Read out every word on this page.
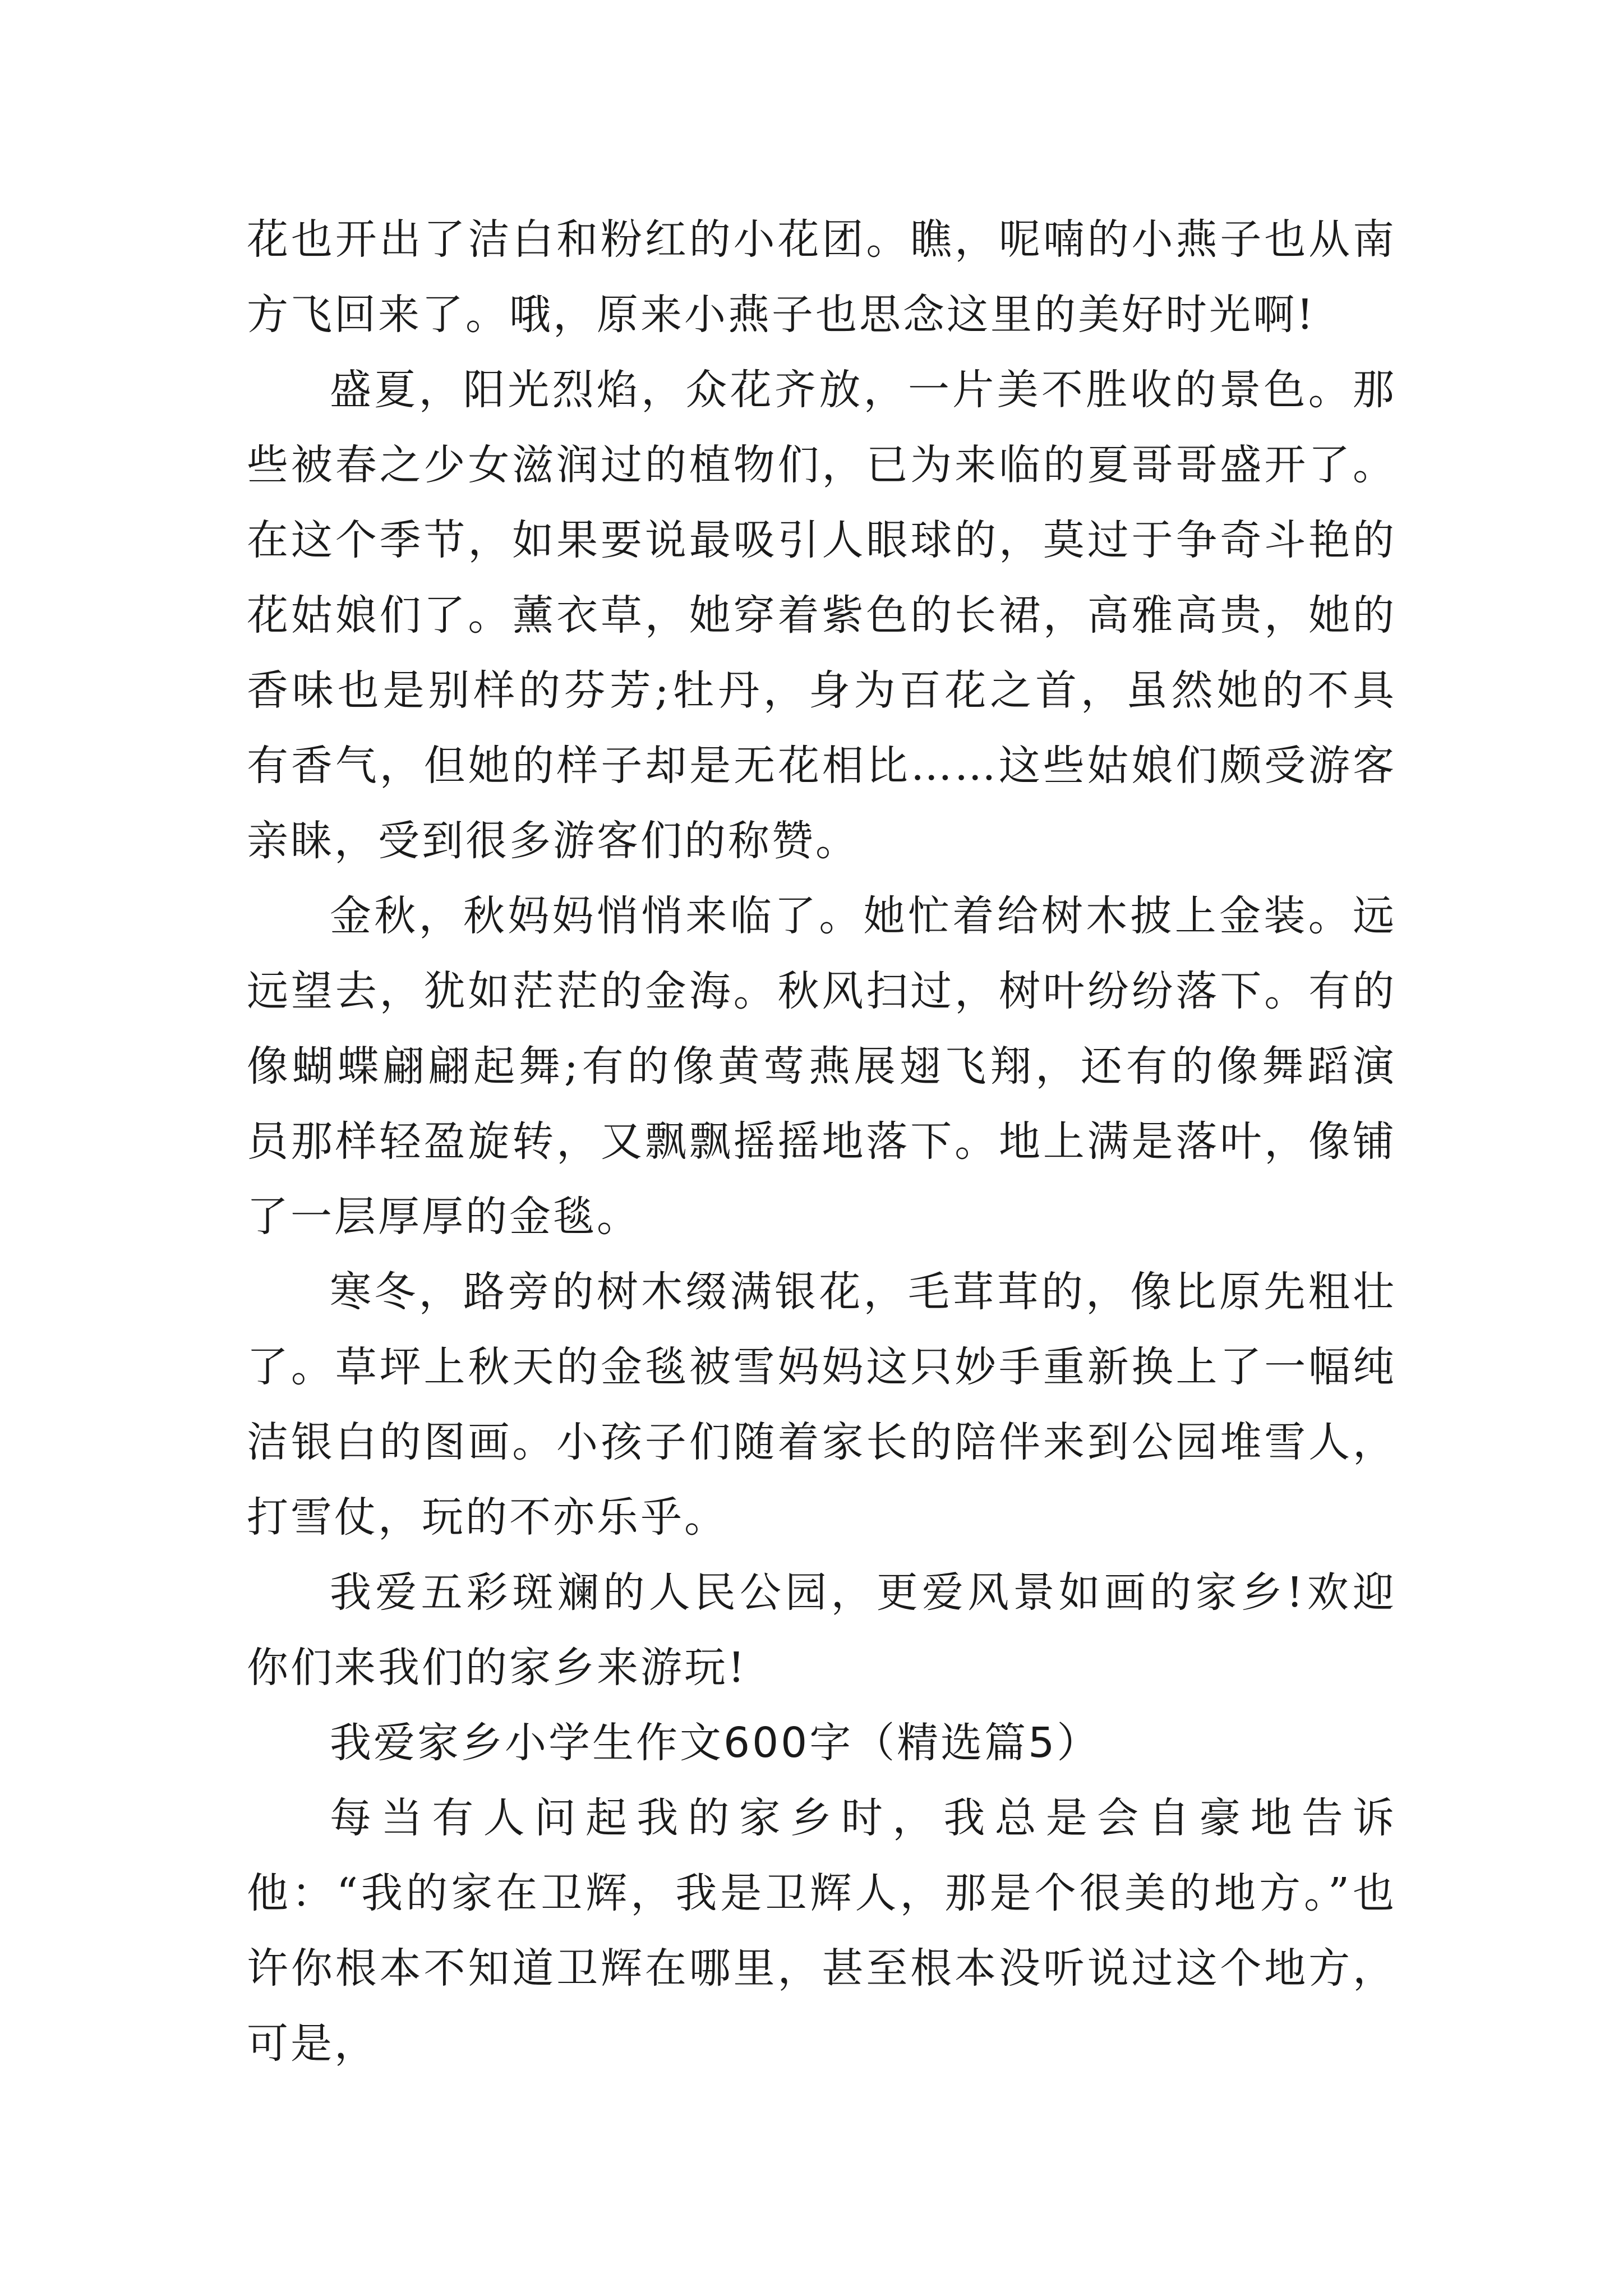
花也开出了洁白和粉红的小花团。瞧，呢喃的小燕子也从南方飞回来了。哦，原来小燕子也思念这里的美好时光啊!

盛夏，阳光烈焰，众花齐放，一片美不胜收的景色。那些被春之少女滋润过的植物们，已为来临的夏哥哥盛开了。在这个季节，如果要说最吸引人眼球的，莫过于争奇斗艳的花姑娘们了。薰衣草，她穿着紫色的长裙，高雅高贵，她的香味也是别样的芬芳;牡丹，身为百花之首，虽然她的不具有香气，但她的样子却是无花相比……这些姑娘们颇受游客亲睐，受到很多游客们的称赞。

金秋，秋妈妈悄悄来临了。她忙着给树木披上金装。远远望去，犹如茫茫的金海。秋风扫过，树叶纷纷落下。有的像蝴蝶翩翩起舞;有的像黄莺燕展翅飞翔，还有的像舞蹈演员那样轻盈旋转，又飘飘摇摇地落下。地上满是落叶，像铺了一层厚厚的金毯。

寒冬，路旁的树木缀满银花，毛茸茸的，像比原先粗壮了。草坪上秋天的金毯被雪妈妈这只妙手重新换上了一幅纯洁银白的图画。小孩子们随着家长的陪伴来到公园堆雪人，打雪仗，玩的不亦乐乎。

我爱五彩斑斓的人民公园，更爱风景如画的家乡!欢迎你们来我们的家乡来游玩!

我爱家乡小学生作文600字（精选篇5）

每当有人问起我的家乡时，我总是会自豪地告诉他：“我的家在卫辉，我是卫辉人，那是个很美的地方。”也许你根本不知道卫辉在哪里，甚至根本没听说过这个地方，可是，
